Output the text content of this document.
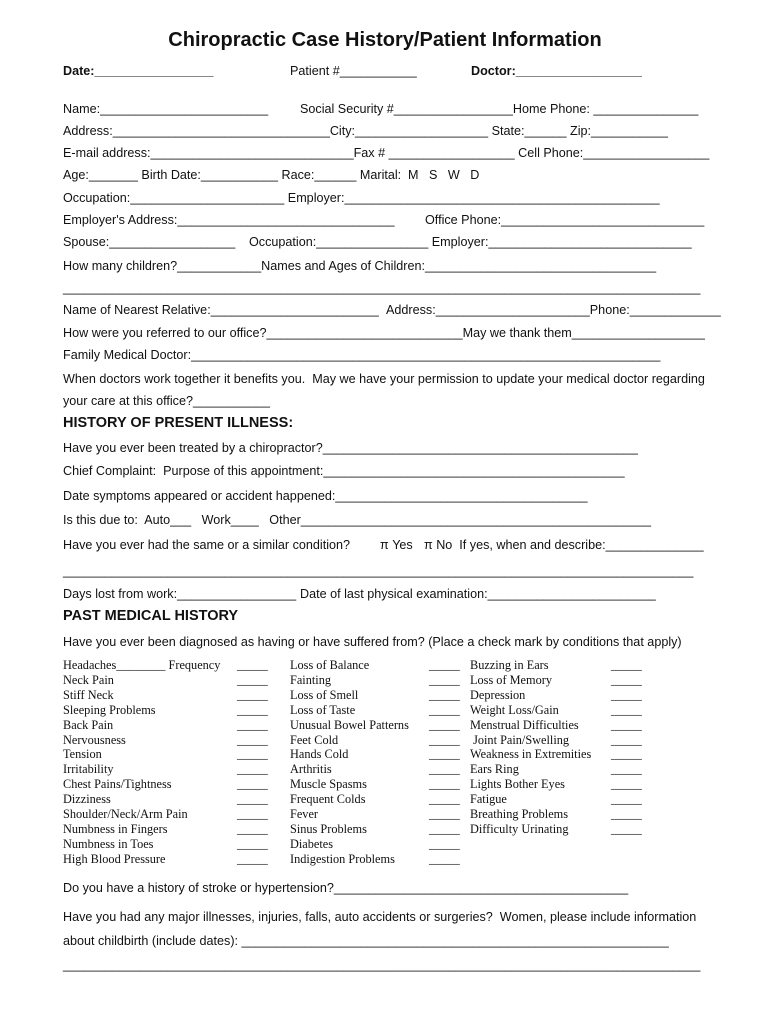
Chiropractic Case History/Patient Information
Date:_________________	Patient #___________	Doctor:__________________
Name:________________________	Social Security #_________________Home Phone: _______________
Address:_______________________________City:___________________ State:______ Zip:___________
E-mail address:_____________________________Fax # __________________ Cell Phone:__________________
Age:_______ Birth Date:___________ Race:______ Marital: M   S   W   D
Occupation:______________________ Employer:_____________________________________________
Employer's Address:_______________________________ Office Phone:_____________________________
Spouse:__________________ Occupation:________________ Employer:_____________________________
How many children?____________Names and Ages of Children:_________________________________
___________________________________________________________________________________________
Name of Nearest Relative:________________________ Address:______________________Phone:_____________
How were you referred to our office?____________________________May we thank them___________________
Family Medical Doctor:___________________________________________________________________
When doctors work together it benefits you.  May we have your permission to update your medical doctor regarding
your care at this office?___________
HISTORY OF PRESENT ILLNESS:
Have you ever been treated by a chiropractor?_____________________________________________
Chief Complaint:  Purpose of this appointment:___________________________________________
Date symptoms appeared or accident happened:____________________________________
Is this due to:  Auto___   Work____   Other__________________________________________________
Have you ever had the same or a similar condition? π Yes π No  If yes, when and describe:______________
__________________________________________________________________________________________
Days lost from work:_________________ Date of last physical examination:________________________
PAST MEDICAL HISTORY
Have you ever been diagnosed as having or have suffered from? (Place a check mark by conditions that apply)
Headaches________ Frequency _____
Neck Pain	_____
Stiff Neck	_____
Sleeping Problems	_____
Back Pain	_____
Nervousness	_____
Tension	_____
Irritability	_____
Chest Pains/Tightness	_____
Dizziness	_____
Shoulder/Neck/Arm Pain	_____
Numbness in Fingers	_____
Numbness in Toes	_____
High Blood Pressure	_____
Loss of Balance	_____
Fainting	_____
Loss of Smell	_____
Loss of Taste	_____
Unusual Bowel Patterns _____
Feet Cold	_____
Hands Cold	_____
Arthritis	_____
Muscle Spasms	_____
Frequent Colds	_____
Fever	_____
Sinus Problems	_____
Diabetes	_____
Indigestion Problems	_____
Buzzing in Ears	_____
Loss of Memory	_____
Depression	_____
Weight Loss/Gain	_____
Menstrual Difficulties	_____
Joint Pain/Swelling	_____
Weakness in Extremities _____
Ears Ring	_____
Lights Bother Eyes	_____
Fatigue	_____
Breathing Problems	_____
Difficulty Urinating	_____
Do you have a history of stroke or hypertension?__________________________________________
Have you had any major illnesses, injuries, falls, auto accidents or surgeries?  Women, please include information
about childbirth (include dates): _____________________________________________________________
___________________________________________________________________________________________
